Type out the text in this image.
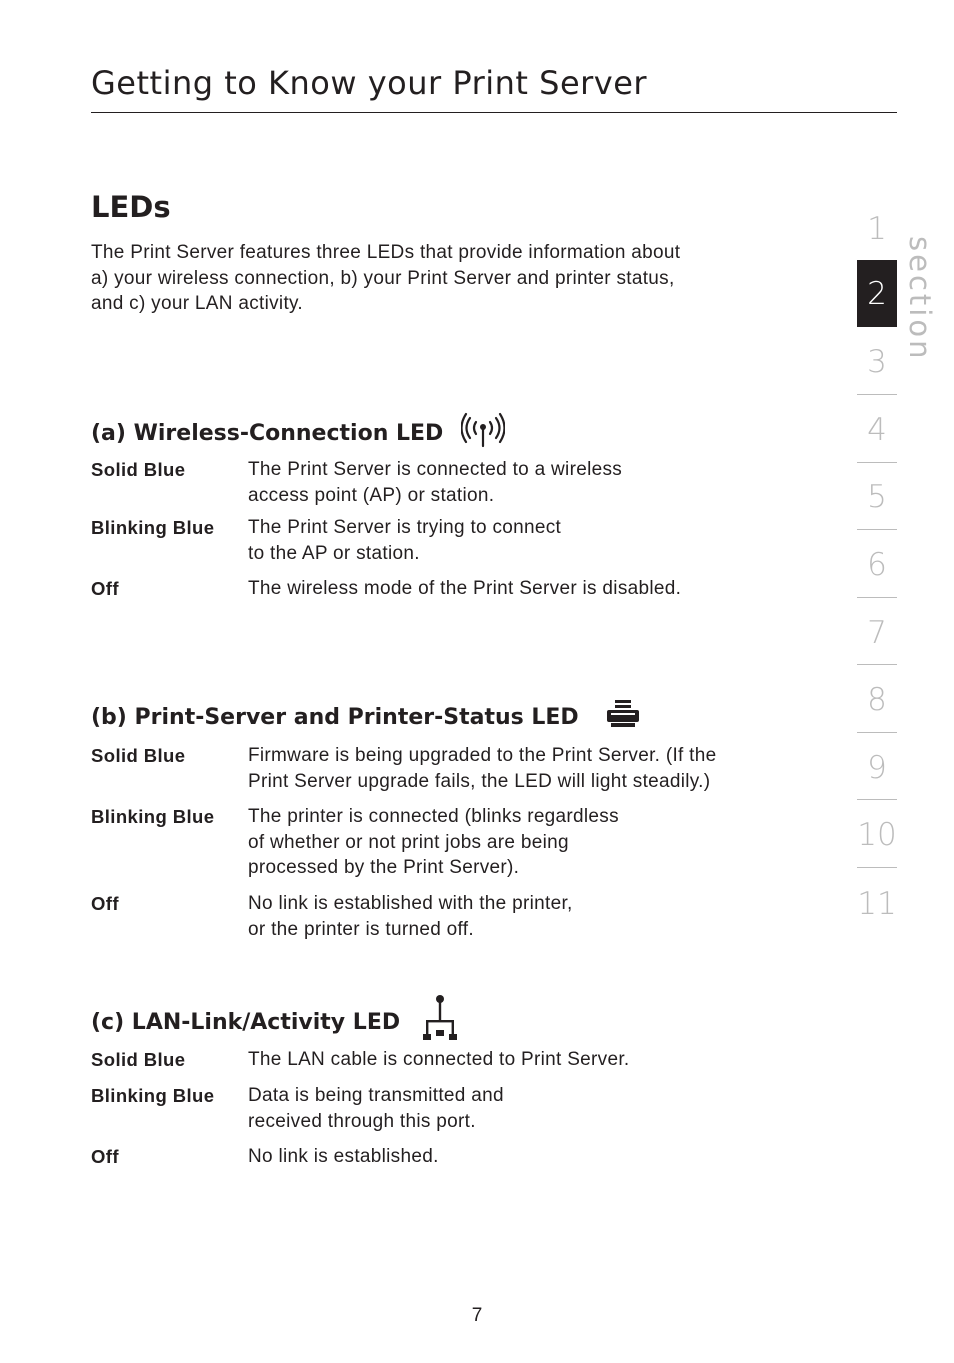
Getting to Know your Print Server
LEDs
The Print Server features three LEDs that provide information about
a) your wireless connection, b) your Print Server and printer status,
and c) your LAN activity.
(a) Wireless-Connection LED
Solid Blue	The Print Server is connected to a wireless
access point (AP) or station.
Blinking Blue	The Print Server is trying to connect
to the AP or station.
Off	The wireless mode of the Print Server is disabled.
(b) Print-Server and Printer-Status LED
Solid Blue	Firmware is being upgraded to the Print Server. (If the
Print Server upgrade fails, the LED will light steadily.)
Blinking Blue	The printer is connected (blinks regardless
of whether or not print jobs are being
processed by the Print Server).
Off	No link is established with the printer,
or the printer is turned off.
(c) LAN-Link/Activity LED
Solid Blue	The LAN cable is connected to Print Server.
Blinking Blue	Data is being transmitted and
received through this port.
Off	No link is established.
1
2
3
4
5
6
7
8
9
10
11
section
7
